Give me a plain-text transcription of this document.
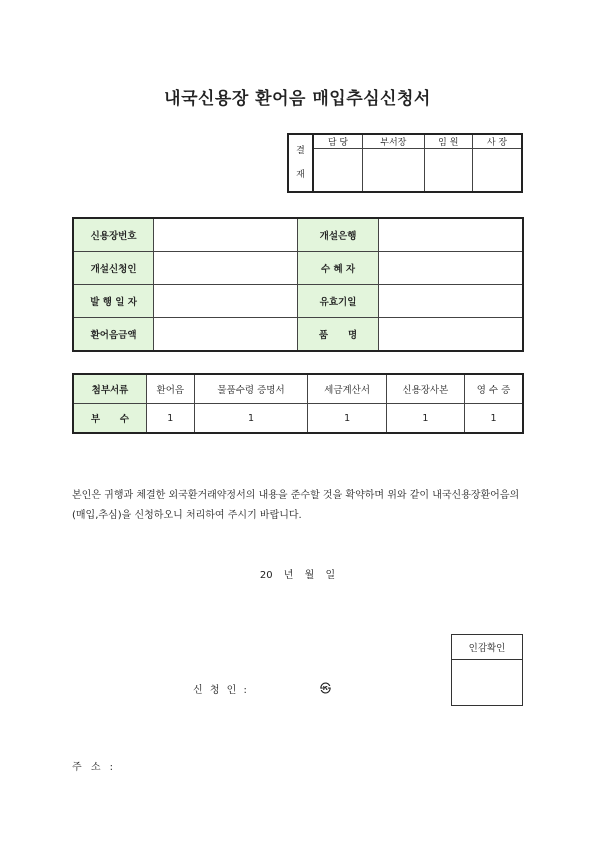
내국신용장 환어음 매입추심신청서
결
재	담 당	부서장	임 원	사 장

신용장번호		개설은행	
개설신청인		수 혜 자	
발 행 일 자		유효기일	
환어음금액		품      명	
첨부서류	환어음	물품수령 증명서	세금계산서	신용장사본	영 수 증
부      수	1	1	1	1	1
본인은 귀행과 체결한 외국환거래약정서의 내용을 준수할 것을 확약하며 위와 같이 내국신용장환어음의(매입,추심)을 신청하오니 처리하여 주시기 바랍니다.
20 년 월 일
인감확인

신 청 인 :	㉿
주 소 :
